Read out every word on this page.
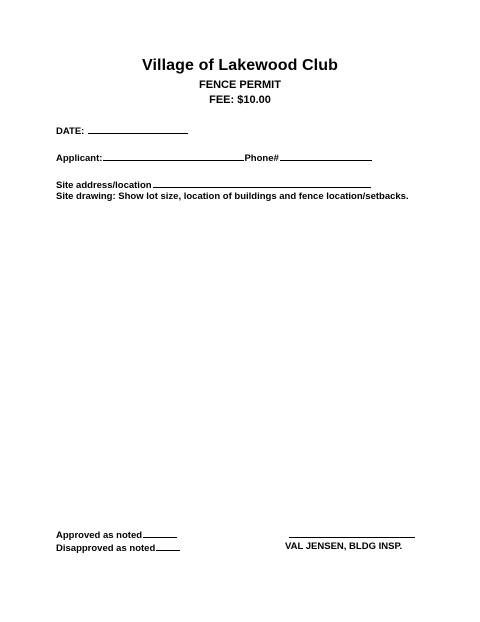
Village of Lakewood Club
FENCE PERMIT
FEE: $10.00
DATE:
Applicant:	Phone#
Site address/location
Site drawing: Show lot size, location of buildings and fence location/setbacks.
Approved as noted
Disapproved as noted	VAL JENSEN, BLDG INSP.
